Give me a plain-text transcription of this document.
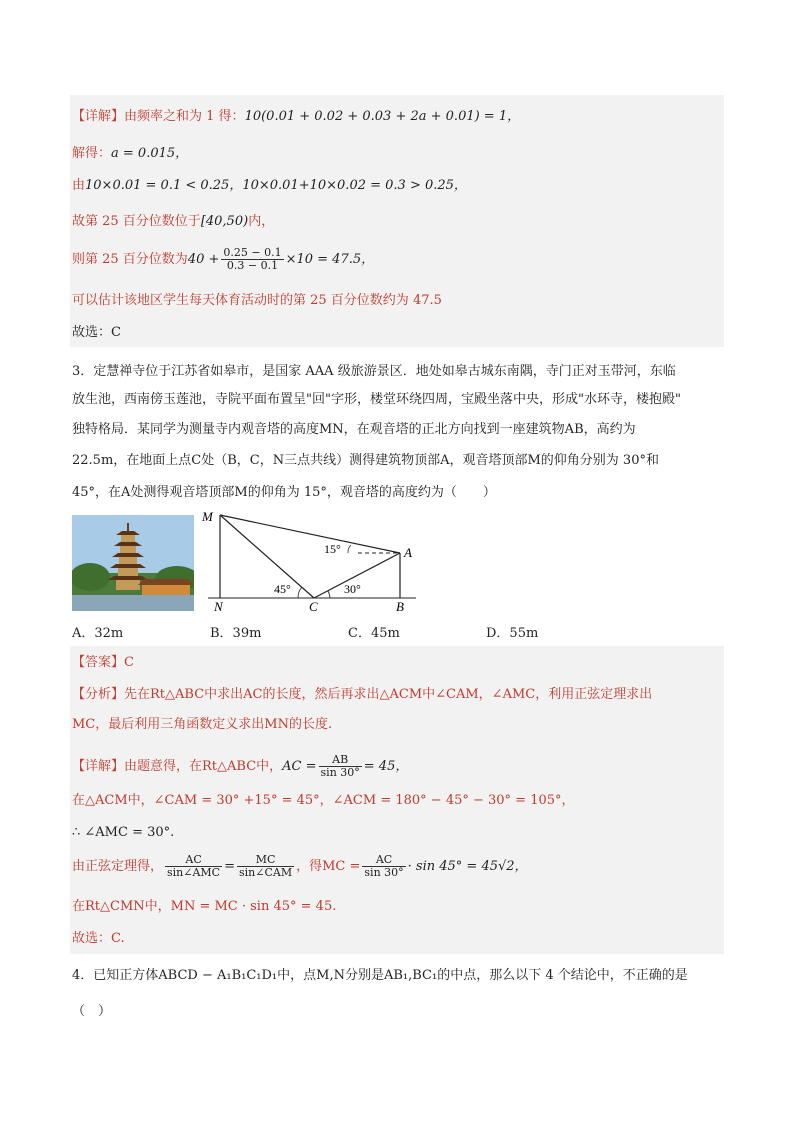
【详解】由频率之和为 1 得：10(0.01 + 0.02 + 0.03 + 2a + 0.01) = 1，
解得：a = 0.015，
由10×0.01 = 0.1 < 0.25，10×0.01+10×0.02 = 0.3 > 0.25，
故第 25 百分位数位于[40,50)内，
则第 25 百分位数为$40 + \frac{0.25 - 0.1}{0.3 - 0.1} \times 10 = 47.5$，
可以估计该地区学生每天体育活动时的第 25 百分位数约为 47.5
故选：C
3．定慧禅寺位于江苏省如皋市，是国家 AAA 级旅游景区．地处如皋古城东南隅，寺门正对玉带河，东临
放生池，西南傍玉莲池，寺院平面布置呈"回"字形，楼堂环绕四周，宝殿坐落中央，形成"水环寺，楼抱殿"
独特格局．某同学为测量寺内观音塔的高度MN，在观音塔的正北方向找到一座建筑物AB，高约为
22.5m，在地面上点C处（B，C，N三点共线）测得建筑物顶部A，观音塔顶部M的仰角分别为 30°和
45°，在A处测得观音塔顶部M的仰角为 15°，观音塔的高度约为（　　）
M
A
N	C	B
15°
45°	30°
A．32m	B．39m	C．45m	D．55m
【答案】C
【分析】先在Rt△ABC中求出AC的长度，然后再求出△ACM中∠CAM，∠AMC，利用正弦定理求出
MC，最后利用三角函数定义求出MN的长度.
【详解】由题意得，在Rt△ABC中，AC = $\frac{AB}{\sin 30^\circ} = 45$，
在△ACM中，∠CAM = 30° +15° = 45°，∠ACM = 180° − 45° − 30° = 105°，
∴ ∠AMC = 30°.
由正弦定理得， $\frac{AC}{\text{sin∠AMC}} = \frac{MC}{\text{sin∠CAM}}$ ，得MC = $\frac{AC}{\sin 30^\circ} \cdot \sin 45^\circ = 45√2$，
在Rt△CMN中，MN = MC · sin 45° = 45.
故选：C.
4．已知正方体ABCD − A₁B₁C₁D₁中，点M,N分别是AB₁,BC₁的中点，那么以下 4 个结论中，不正确的是
（　）
